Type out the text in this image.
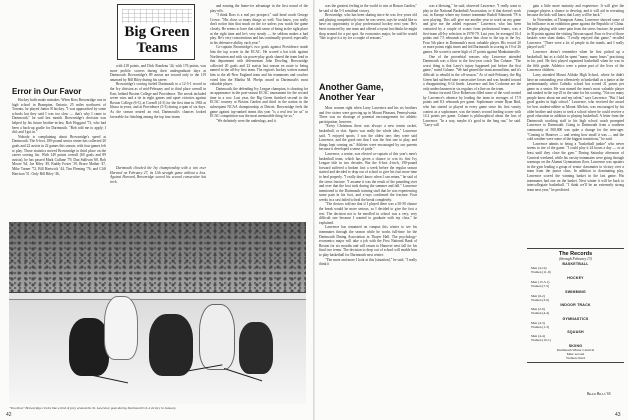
Big Green
Teams
Error in Our Favor

Hockey buffs make mistakes. When Ross Brownridge was in high school in Brampton, Ontario, 25 miles northwest of Toronto, he played Junior B hockey. "I was approached by some schools but they said I was too slow — that's why I came to Dartmouth," he said last month. Brownridge's decision was helped by his future brother-in-law, Bob Hoggard '73, who had been a back-up goalie for Dartmouth. "Bob told me to apply; I did; and I got in."

Nobody is complaining about Brownridge's speed at Dartmouth. The 6-foot, 180-pound senior center has collected 20 goals and 22 assists in 22 games this season, with four games left to play. Those statistics moved Brownridge to third place on the career scoring list. With 149 points overall (60 goals and 89 assists), he has passed Mark Cullune '79, Dan Sullivan '68, Bob Moore '64, Joe Riley '49, Buddy Foster '39, Bruce Mather '47, Mike Turner '72, Bill Hartwick '44, Tim Fleming '76, and Cliff Harrison '51. Only Bill Riley '46,

with 218 points, and Dick Rondeau '44, with 176 points, was more prolific scorers during their undergraduate days at Dartmouth. Brownridge's 89 assists are second only to the 119 amassed by Bill Riley during his career.

Brownridge's scoring fueled Dartmouth to a 12-5-1 record in the Ivy division as of mid-February and to third place overall in East, behind Boston College and Providence. The streak included seven wins and a tie in eight games and upset victories against Boston College (6-3), at Cornell (4-3) for the first time in 1963 at Ithaca in years, and at Providence (5-3) during a span of six days. As the season neared an end, Dartmouth's chances looked favorable for finishing among the top four teams

Dartmouth clinched the Ivy championship with a win over Harvard on February 27, its 11th straight game without a loss. Against Harvard, Brownridge scored his second consecutive hat trick.

and earning the home-ice advantage in the first round of the play-offs.

"I think Ross is a real pro prospect," said head coach George Crowe. "His close so many things so well. You know, you really don't notice him that much on the ice unless you watch the game closely. He seems to have that sixth sense of being in the right place at the right time and he's very steady — he seldom makes a bad play. He's very conscientious and has continually proved, especially in his defensive ability, each year."

Co-captain Brownridge's two goals against Providence made him the top scorer in the ECAC. He scored a hat trick against Northeastern and with six power-play goals shared the team lead in that department with defenseman John Dowling. Brownridge collected 20 goals and 22 assists last season en route to being named to the all-Ivy first team. The region's hockey writers named him to the all-New England team and his teammates and coaches voted him the Martha M. Phelps award as Dartmouth's most valuable player.

Dartmouth, the defending Ivy League champion, is shooting for an appearance in the post-season ECAC tournament for the second time in a row. Last year, the Big Green finished second in the ECAC tourney at Boston Garden and third in the nation in the subsequent NCAA championship at Detroit. Brownridge feels the game against top-ranked teams this year "is a real test for us" in ECAC competition was the most memorable thing for us."

"We definitely were the underdogs, and it

"Too-Slow" Brownridge circles like a bird of prey around the St. Lawrence goal during Dartmouth's 6-4 victory in January.
42

was the greatest feeling in the world to win at Boston Garden," he said of the 5-3 semifinal victory.

Brownridge, who has been skating since he was five years old and playing competitively since he was seven, says he would like to have an opportunity to play professional hockey next year. He's been contacted by one team and offered a tryout but thinks he might shop around for a pro spot. An economics major, he said he would "like to give it a try for a couple of seasons."

Another Game,
Another Year

Most women right when Larry Lawrence and his six brothers and five sisters were growing up in Mount Pleasant, Pennsylvania. There was no shortage of parental encouragement for athletic participation, however.

"Every Christmas there was always a new tennis racket, basketball, or skis. Sports was really the whole idea," Lawrence said. "I enjoyed sports. I was the oldest one; they were said Lawrence, and the good one that I was the first one to play, and things kept coming on." Athletes were encouraged by our parents because it developed a sense of pride."

Lawrence, a senior, was elected co-captain of this year's men's basketball team, which has given a chance to win its first Ivy League title in two decades. But the 6-foot 4-inch, 190-pound forward suffered a broken foot a week before the regular season started and decided to drop out of school to give his foot more time to heal properly. "I really don't know when I can return," he said of the stress fracture. "I assume it was the result of the pounding over and over that the foot took during the summer and fall." Lawrence mentioned to the Dartmouth training staff that he was experiencing some pain in his foot, and x-rays confirmed the fracture. Four weeks in a cast failed to heal the break completely.

"The doctors told me that if I played there was a 50-50 chance the break would be more serious, so I decided to give the foot a rest. The decision not to be enrolled in school was a very, very difficult one because I wanted to graduate with my class," he explained.

Lawrence has remained on campus this winter to see his teammates through the season while he works full-time for the Dartmouth Dining Association in Thayer Hall. The psychology-economics major will take a job with the First National Bank of Boston for six months and will return to Hanover next fall for his final two terms. The decision to drop out of school will enable him to play basketball for Dartmouth next winter.

"The more and more I look at this [situation]," he said, "I really think it

was a blessing," he said, observed Lawrence. "I really want to play in the National Basketball Association, or if that doesn't work out, in Europe where my former teammate Rudolf Edmonds '78 is now playing. This will give me another year to work on my game and give me the added exposure." Lawrence, who has been contacted by a couple of scouts from professional teams, was a first-team all-Ivy selection in 1978-79. Last year, he averaged 16.4 points and 7.5 rebounds to place him close to the top in the Ivy. Four 5th place in Dartmouth's most valuable player. His record 20 or more points eight times and led Dartmouth in scoring in 19 of 26 games. He scored a career high of 27 points against Manhattanville.

One of the proverbial reasons why Lawrence attended Dartmouth was a blow to the first-year coach Tim Cohane. "The worst thing is that Larry's injury happened just before the first game," noted Cohane. "We had geared the team around him, and it's difficult to rebuild in the off-season." As of mid-February, the Big Green had suffered nine consecutive losses and was headed toward a disappointing, 6-14 finish. Lawrence and Jim Cochrane are the only underclassmen in six regulars of a line on the team.

Senior forward Clive Robertson filled some of the void created by Lawrence's absence by leading the team in averages of 17.9 points and 8.3 rebounds per game. Sophomore center Ryan Bird, who has started or played in every game since his first varsity contest as a sophomore, was the team's second leading scorer with 14.2 points per game. Cohane is philosophical about the loss of Lawrence. "In a way, maybe it's good in the long run," he said. "Larry will

gain a little more maturity and experience. It will give the younger players a chance to develop, and it will aid in recruiting because the kids will know that Larry will be back."

In November, at Thompson Arena, Lawrence showed some of his brilliance in an exhibition game against the Republic of China. Despite playing with some pain from the stress fracture, he poured in 30 points against the visiting Taiwan squad. Four or five of those baskets were slam dunks. "I really enjoyed that game," recalled Lawrence. "There were a lot of people in the stands, and I really played well."

Lawrence doesn't remember when he first picked up a basketball, but as a child he spent "many, many hours" practicing in his yard. He first played organized basketball when he was in the fifth grade. Athletics were a prime part of the lives of the Lawrence children.

Larry attended Mount Alifake High School, where he didn't have an outstanding year offensively in basketball as a junior at the predominantly white Catholic school but scored 21 points per game as a senior. He was named the team's most valuable player and ranked in the top-25 in the state for his scoring. "Not too many people knew about me and my talent," says Lawrence. "But I had good grades in high school." Lawrence, who received the award for best student-athlete at Mount Allelots, was encouraged by his older brother and sisters to seek a school where he could receive a good education in addition to playing basketball. A letter from the Dartmouth coaching staff to his high school coach prompted Lawrence to Dartmouth. Going to Dartmouth from a southern community of 500,000 was quite a change for the teen-ager. "Coming to Hanover — and seeing how small it was — and the cold weather were some of the biggest transitions," he said.

Lawrence admits to being a "basketball junkie" who never seems to tire of the game. "I could play it 24 hours a day — or at least until they close the gym." During Saturday afternoon of Carnival weekend, while his varsity teammates were going through warmups on the Alumni Gymnasium floor, Lawrence was upstairs in the gym leading a group of senior classmates to victory over a team from the junior class. In addition to dominating play, Lawrence scored the winning basket in the last game. His teammates had one on the basket. Next winter it will be back to intercollegiate basketball. "I think we'll be an extremely strong team next year," he predicted.

The Records
(through February 13)
BASKETBALL
Men (4-14)
Women (11-9)
HOCKEY
Men (13-5-1)
Women (7-5)
SWIMMING
Men (6-2)
Women (3-6)
INDOOR TRACK
Men (2-6)
Women (4-4)
GYMNASTICS
Men (4-3)
Women (1-3)
SQUASH
Men (4-4)
Women (10-1)
SKIING
Dartmouth Winter Carnival
Men: second
Women: third
Brad Hills '65
43
